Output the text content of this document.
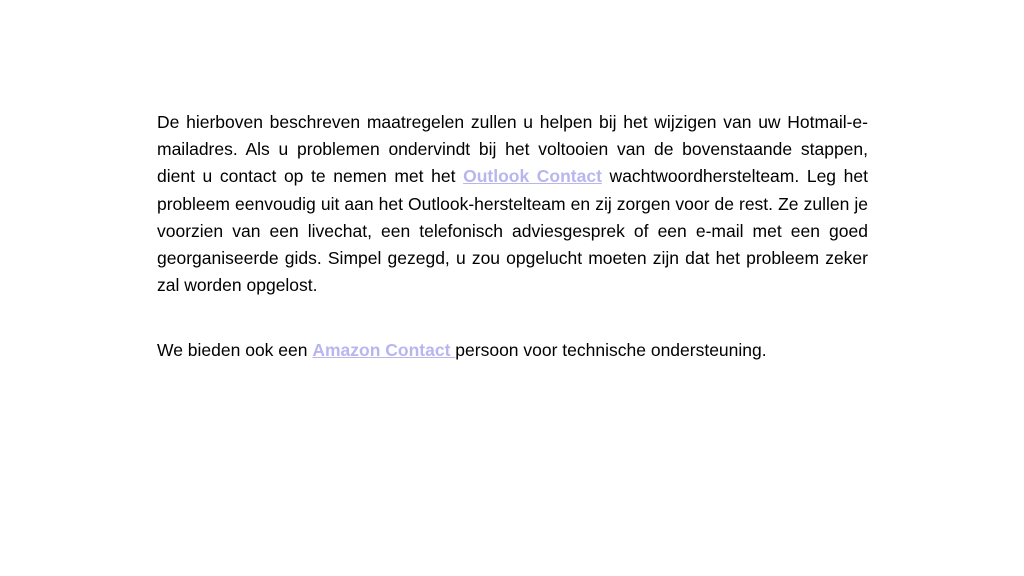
De hierboven beschreven maatregelen zullen u helpen bij het wijzigen van uw Hotmail-e-mailadres. Als u problemen ondervindt bij het voltooien van de bovenstaande stappen, dient u contact op te nemen met het Outlook Contact wachtwoordherstelteam. Leg het probleem eenvoudig uit aan het Outlook-herstelteam en zij zorgen voor de rest. Ze zullen je voorzien van een livechat, een telefonisch adviesgesprek of een e-mail met een goed georganiseerde gids. Simpel gezegd, u zou opgelucht moeten zijn dat het probleem zeker zal worden opgelost.

We bieden ook een Amazon Contact persoon voor technische ondersteuning.
